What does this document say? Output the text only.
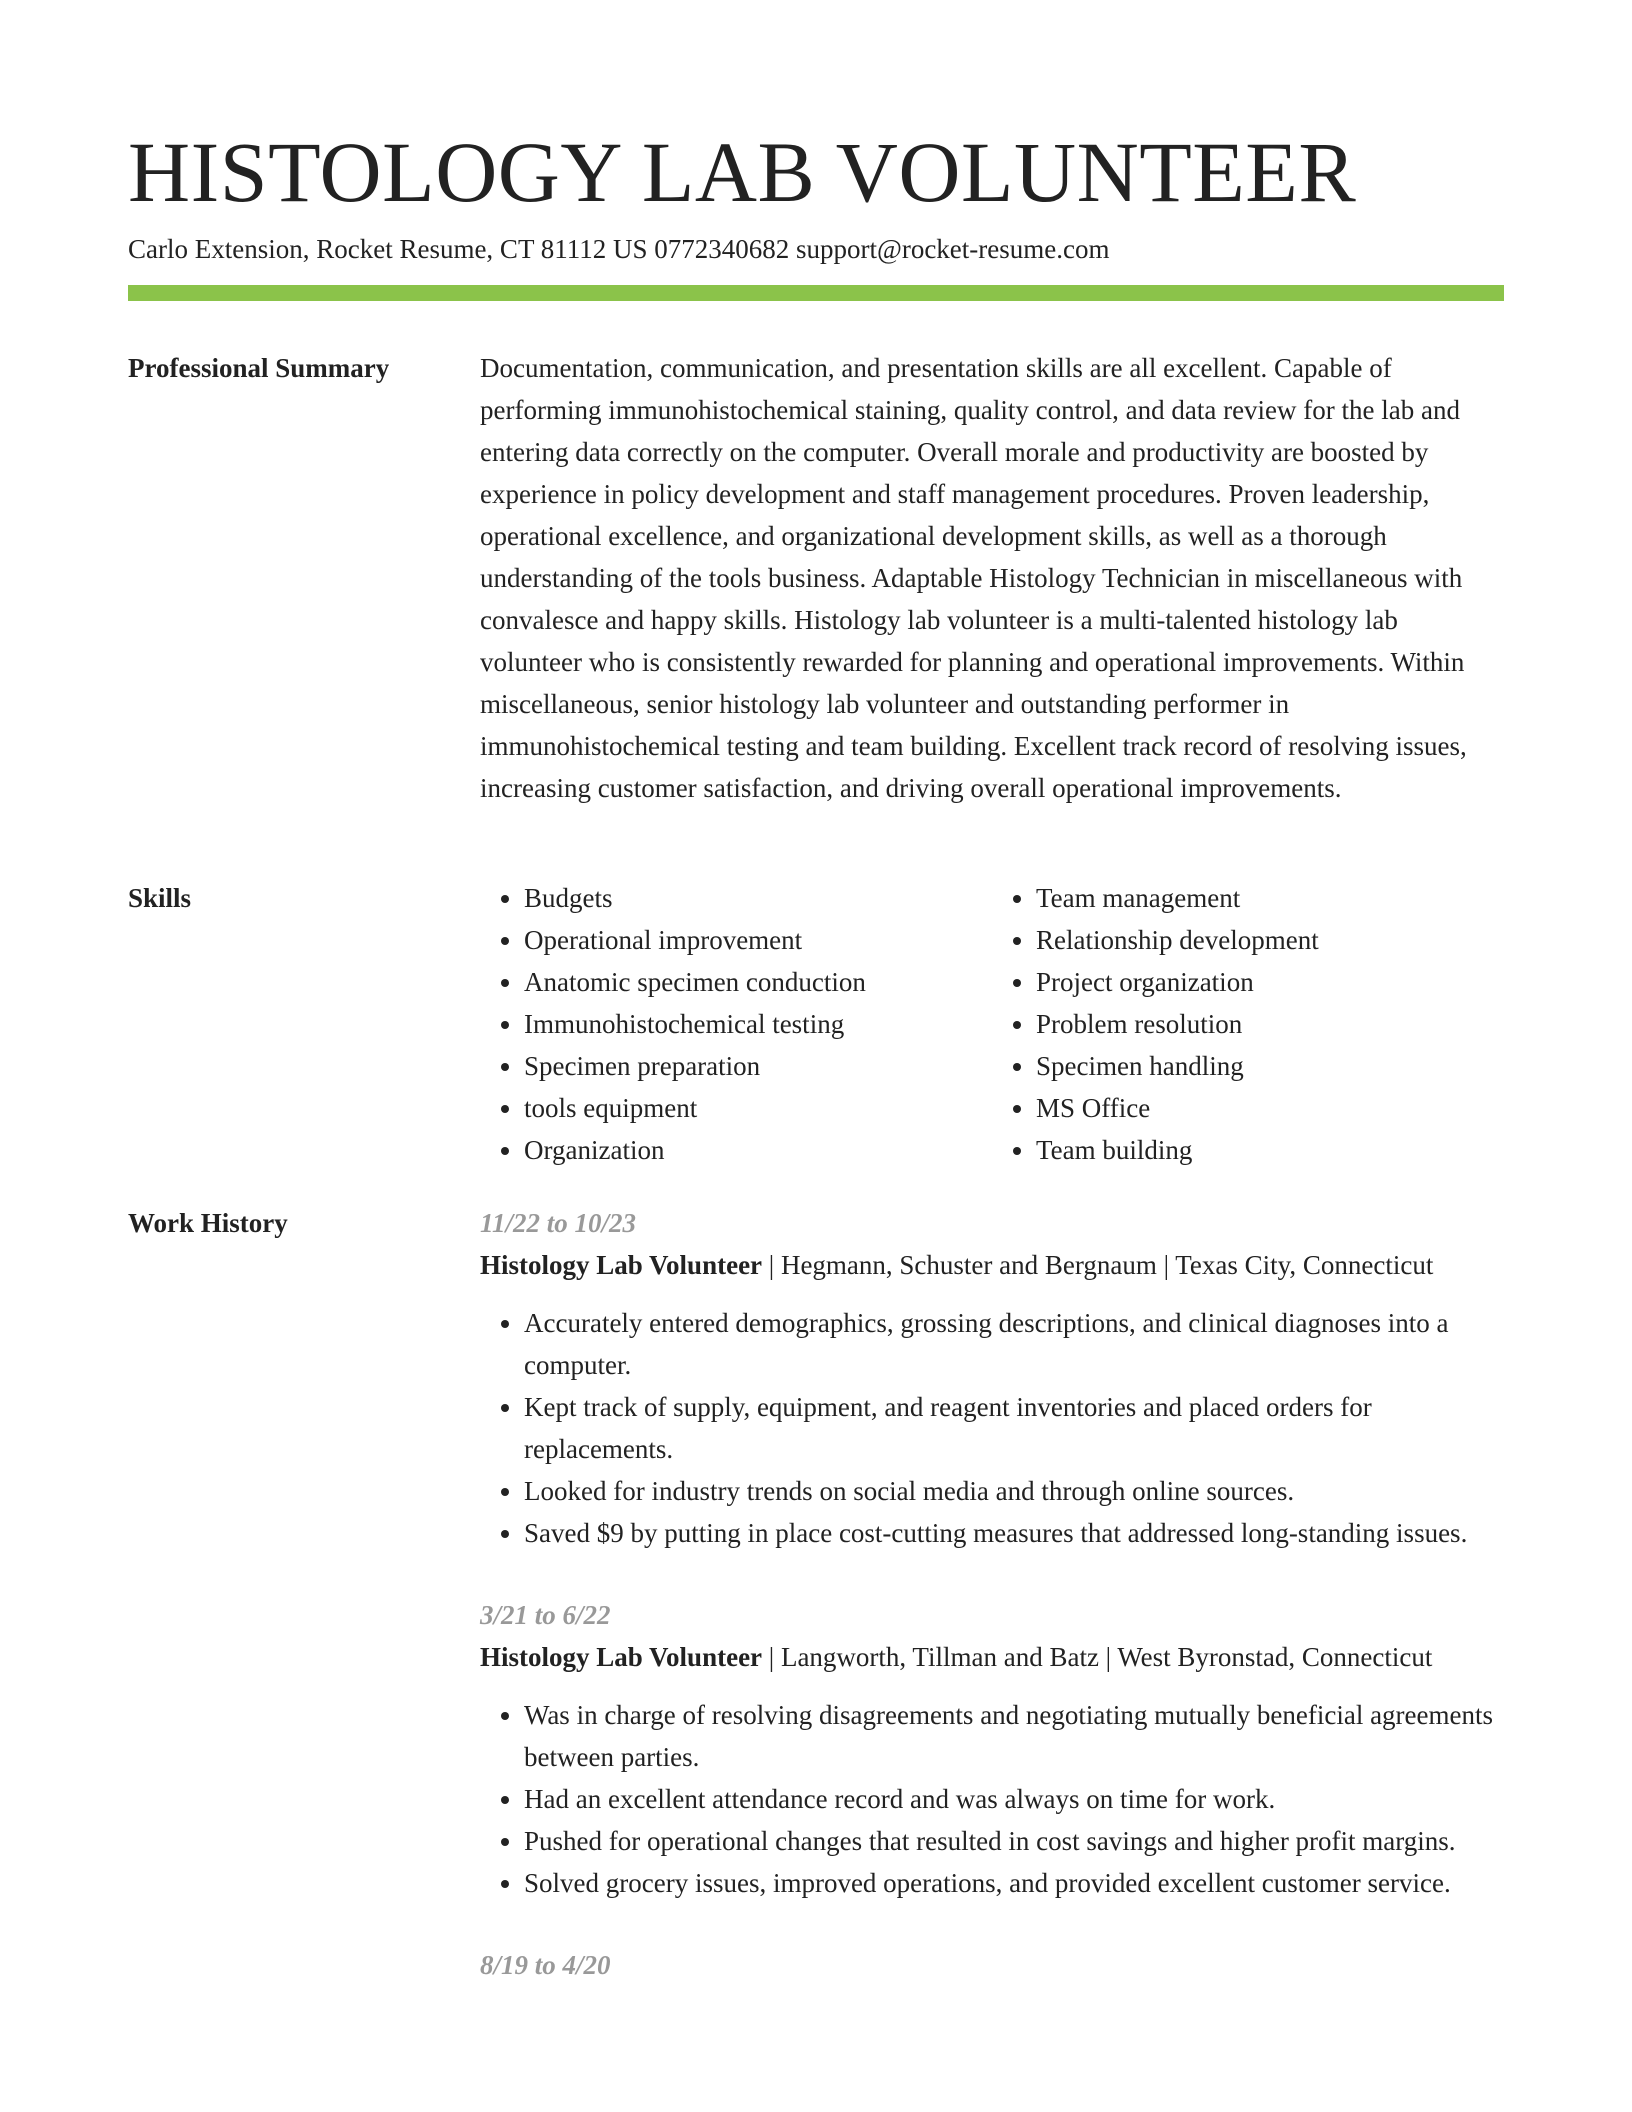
HISTOLOGY LAB VOLUNTEER
Carlo Extension, Rocket Resume, CT 81112 US 0772340682 support@rocket-resume.com
Professional Summary	Documentation, communication, and presentation skills are all excellent. Capable of performing immunohistochemical staining, quality control, and data review for the lab and entering data correctly on the computer. Overall morale and productivity are boosted by experience in policy development and staff management procedures. Proven leadership, operational excellence, and organizational development skills, as well as a thorough understanding of the tools business. Adaptable Histology Technician in miscellaneous with convalesce and happy skills. Histology lab volunteer is a multi-talented histology lab volunteer who is consistently rewarded for planning and operational improvements. Within miscellaneous, senior histology lab volunteer and outstanding performer in immunohistochemical testing and team building. Excellent track record of resolving issues, increasing customer satisfaction, and driving overall operational improvements.

Skills
•	Budgets
• Operational improvement
• Anatomic specimen conduction
• Immunohistochemical testing
• Specimen preparation
• tools equipment
• Organization
• Team management
• Relationship development
• Project organization
• Problem resolution
• Specimen handling
• MS Office
• Team building
Work History	11/22 to 10/23
Histology Lab Volunteer | Hegmann, Schuster and Bergnaum | Texas City, Connecticut
• Accurately entered demographics, grossing descriptions, and clinical diagnoses into a computer.
• Kept track of supply, equipment, and reagent inventories and placed orders for replacements.
• Looked for industry trends on social media and through online sources.
• Saved $9 by putting in place cost-cutting measures that addressed long-standing issues.
3/21 to 6/22
Histology Lab Volunteer | Langworth, Tillman and Batz | West Byronstad, Connecticut
• Was in charge of resolving disagreements and negotiating mutually beneficial agreements between parties.
• Had an excellent attendance record and was always on time for work.
• Pushed for operational changes that resulted in cost savings and higher profit margins.
• Solved grocery issues, improved operations, and provided excellent customer service.
8/19 to 4/20
